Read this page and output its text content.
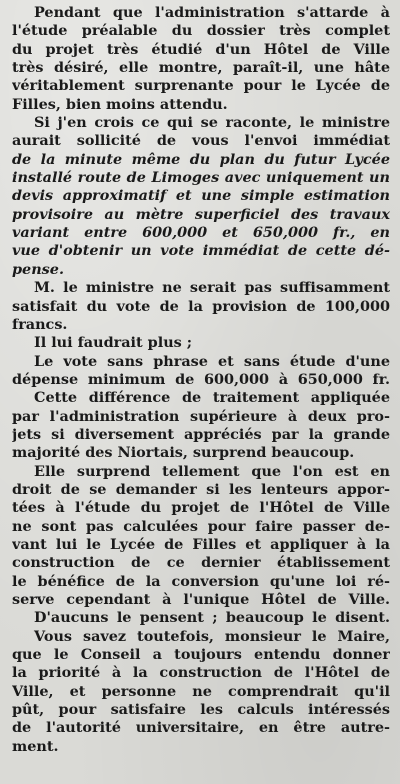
Pendant que l'administration s'attarde à
l'étude préalable du dossier très complet
du projet très étudié d'un Hôtel de Ville
très désiré, elle montre, paraît-il, une hâte
véritablement surprenante pour le Lycée de
Filles, bien moins attendu.
Si j'en crois ce qui se raconte, le ministre
aurait sollicité de vous l'envoi immédiat
de la minute même du plan du futur Lycée
installé route de Limoges avec uniquement un
devis approximatif et une simple estimation
provisoire au mètre superficiel des travaux
variant entre 600,000 et 650,000 fr., en
vue d'obtenir un vote immédiat de cette dé-
pense.
M. le ministre ne serait pas suffisamment
satisfait du vote de la provision de 100,000
francs.
Il lui faudrait plus ;
Le vote sans phrase et sans étude d'une
dépense minimum de 600,000 à 650,000 fr.
Cette différence de traitement appliquée
par l'administration supérieure à deux pro-
jets si diversement appréciés par la grande
majorité des Niortais, surprend beaucoup.
Elle surprend tellement que l'on est en
droit de se demander si les lenteurs appor-
tées à l'étude du projet de l'Hôtel de Ville
ne sont pas calculées pour faire passer de-
vant lui le Lycée de Filles et appliquer à la
construction de ce dernier établissement
le bénéfice de la conversion qu'une loi ré-
serve cependant à l'unique Hôtel de Ville.
D'aucuns le pensent ; beaucoup le disent.
Vous savez toutefois, monsieur le Maire,
que le Conseil a toujours entendu donner
la priorité à la construction de l'Hôtel de
Ville, et personne ne comprendrait qu'il
pût, pour satisfaire les calculs intéressés
de l'autorité universitaire, en être autre-
ment.
